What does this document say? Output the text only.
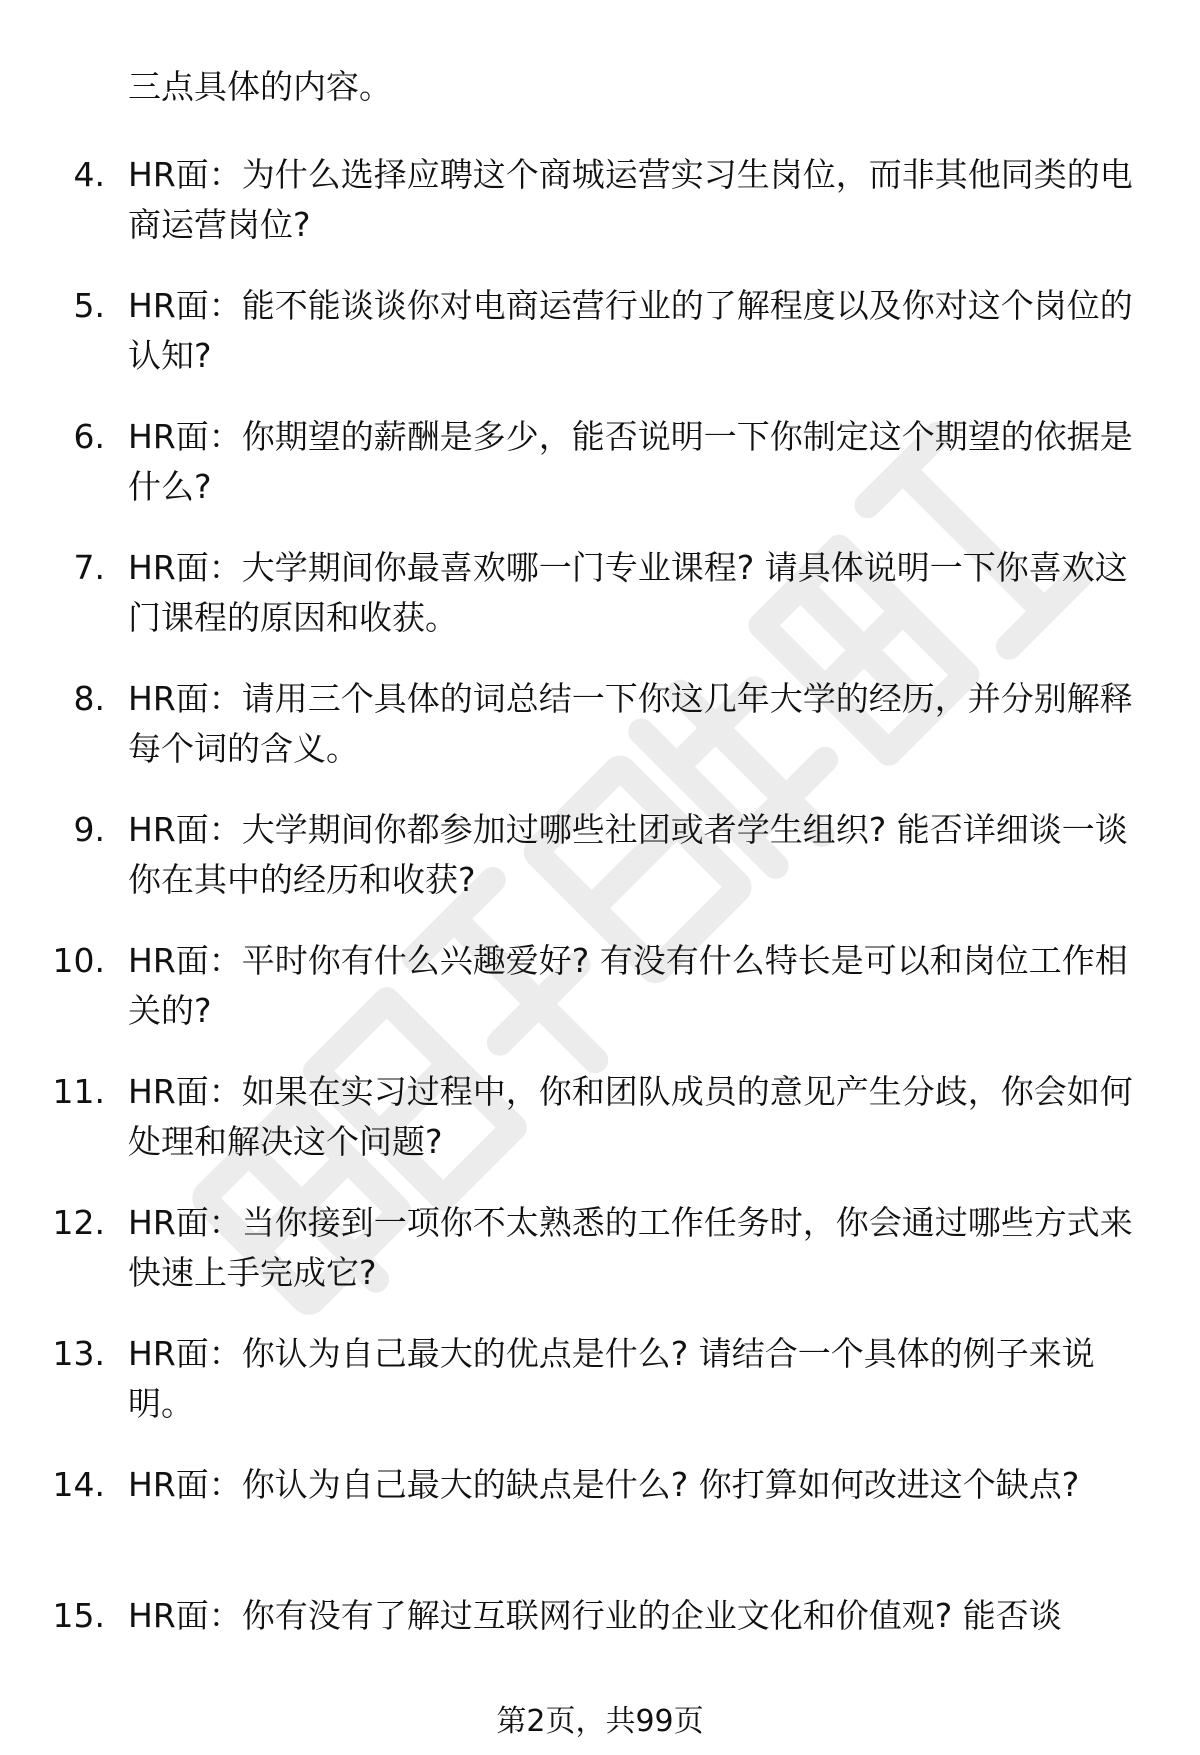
三点具体的内容。
4. HR面：为什么选择应聘这个商城运营实习生岗位，而非其他同类的电商运营岗位?
5. HR面：能不能谈谈你对电商运营行业的了解程度以及你对这个岗位的认知?
6. HR面：你期望的薪酬是多少，能否说明一下你制定这个期望的依据是什么?
7. HR面：大学期间你最喜欢哪一门专业课程? 请具体说明一下你喜欢这门课程的原因和收获。
8. HR面：请用三个具体的词总结一下你这几年大学的经历，并分别解释每个词的含义。
9. HR面：大学期间你都参加过哪些社团或者学生组织? 能否详细谈一谈你在其中的经历和收获?
10. HR面：平时你有什么兴趣爱好? 有没有什么特长是可以和岗位工作相关的?
11. HR面：如果在实习过程中，你和团队成员的意见产生分歧，你会如何处理和解决这个问题?
12. HR面：当你接到一项你不太熟悉的工作任务时，你会通过哪些方式来快速上手完成它?
13. HR面：你认为自己最大的优点是什么? 请结合一个具体的例子来说明。
14. HR面：你认为自己最大的缺点是什么? 你打算如何改进这个缺点?
15. HR面：你有没有了解过互联网行业的企业文化和价值观? 能否谈
第2页，共99页
